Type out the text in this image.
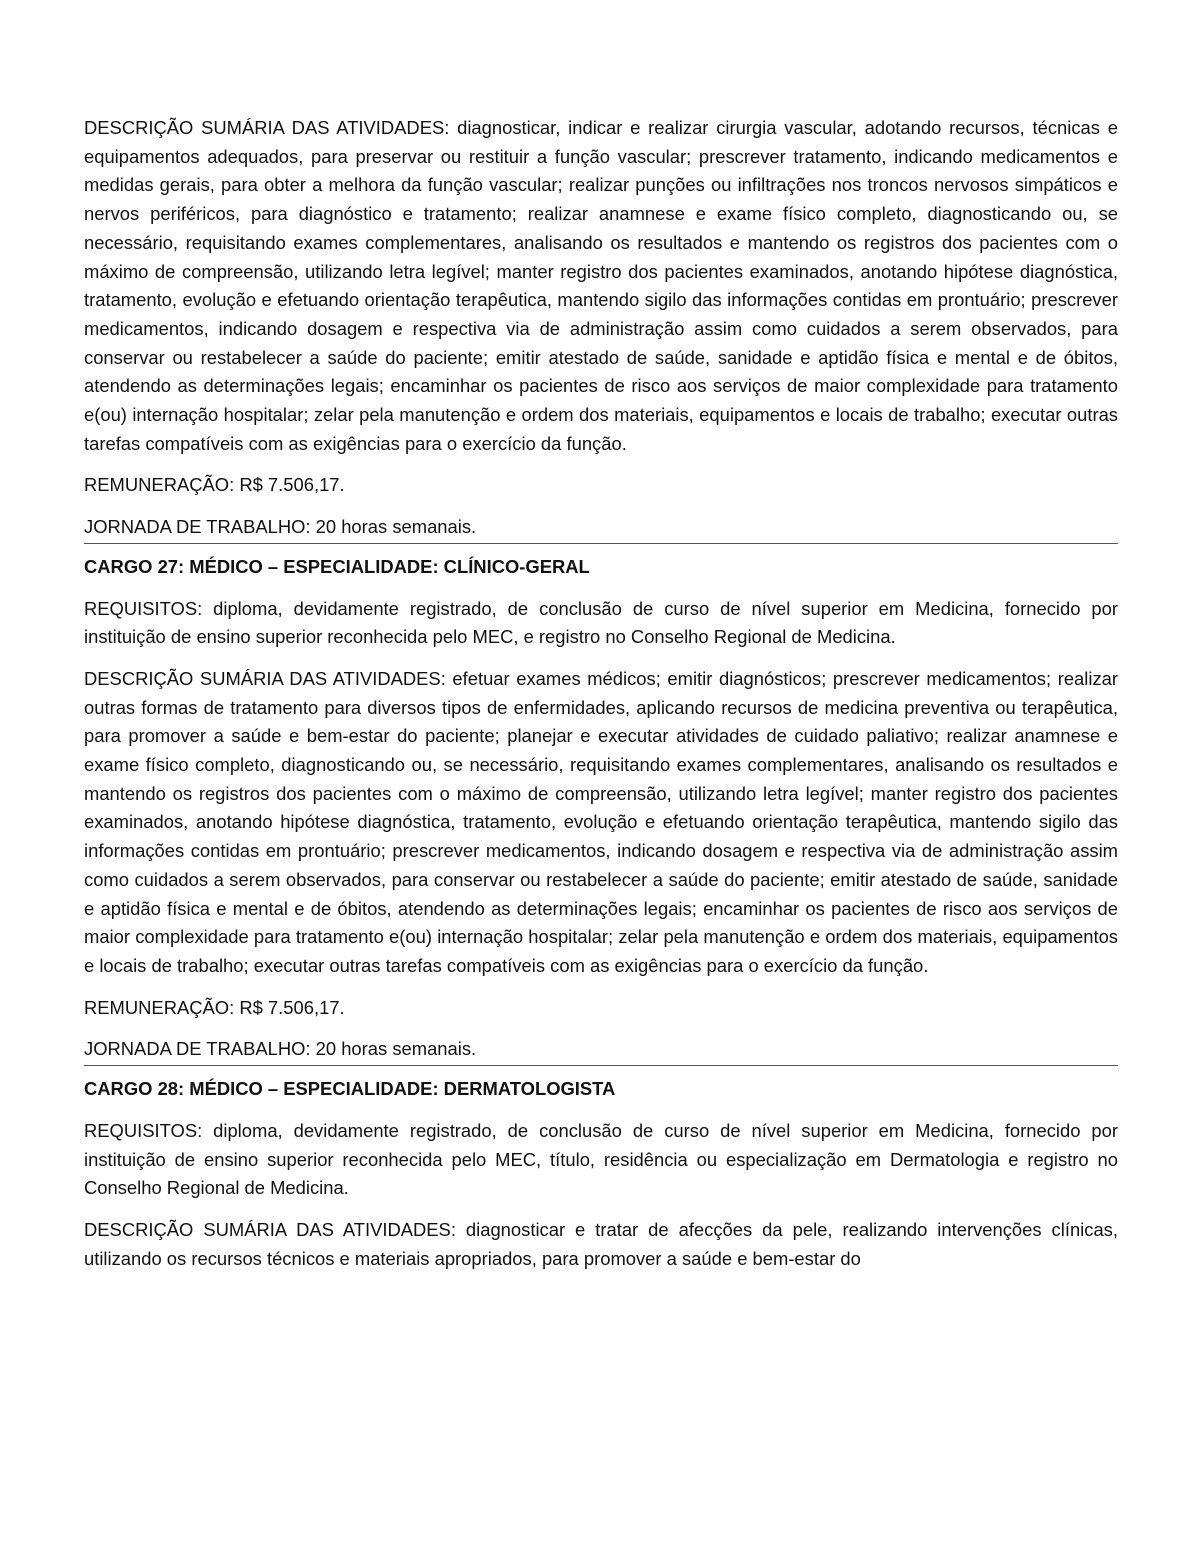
DESCRIÇÃO SUMÁRIA DAS ATIVIDADES: diagnosticar, indicar e realizar cirurgia vascular, adotando recursos, técnicas e equipamentos adequados, para preservar ou restituir a função vascular; prescrever tratamento, indicando medicamentos e medidas gerais, para obter a melhora da função vascular; realizar punções ou infiltrações nos troncos nervosos simpáticos e nervos periféricos, para diagnóstico e tratamento; realizar anamnese e exame físico completo, diagnosticando ou, se necessário, requisitando exames complementares, analisando os resultados e mantendo os registros dos pacientes com o máximo de compreensão, utilizando letra legível; manter registro dos pacientes examinados, anotando hipótese diagnóstica, tratamento, evolução e efetuando orientação terapêutica, mantendo sigilo das informações contidas em prontuário; prescrever medicamentos, indicando dosagem e respectiva via de administração assim como cuidados a serem observados, para conservar ou restabelecer a saúde do paciente; emitir atestado de saúde, sanidade e aptidão física e mental e de óbitos, atendendo as determinações legais; encaminhar os pacientes de risco aos serviços de maior complexidade para tratamento e(ou) internação hospitalar; zelar pela manutenção e ordem dos materiais, equipamentos e locais de trabalho; executar outras tarefas compatíveis com as exigências para o exercício da função.

REMUNERAÇÃO: R$ 7.506,17.

JORNADA DE TRABALHO: 20 horas semanais.

CARGO 27: MÉDICO – ESPECIALIDADE: CLÍNICO-GERAL

REQUISITOS: diploma, devidamente registrado, de conclusão de curso de nível superior em Medicina, fornecido por instituição de ensino superior reconhecida pelo MEC, e registro no Conselho Regional de Medicina.

DESCRIÇÃO SUMÁRIA DAS ATIVIDADES: efetuar exames médicos; emitir diagnósticos; prescrever medicamentos; realizar outras formas de tratamento para diversos tipos de enfermidades, aplicando recursos de medicina preventiva ou terapêutica, para promover a saúde e bem-estar do paciente; planejar e executar atividades de cuidado paliativo; realizar anamnese e exame físico completo, diagnosticando ou, se necessário, requisitando exames complementares, analisando os resultados e mantendo os registros dos pacientes com o máximo de compreensão, utilizando letra legível; manter registro dos pacientes examinados, anotando hipótese diagnóstica, tratamento, evolução e efetuando orientação terapêutica, mantendo sigilo das informações contidas em prontuário; prescrever medicamentos, indicando dosagem e respectiva via de administração assim como cuidados a serem observados, para conservar ou restabelecer a saúde do paciente; emitir atestado de saúde, sanidade e aptidão física e mental e de óbitos, atendendo as determinações legais; encaminhar os pacientes de risco aos serviços de maior complexidade para tratamento e(ou) internação hospitalar; zelar pela manutenção e ordem dos materiais, equipamentos e locais de trabalho; executar outras tarefas compatíveis com as exigências para o exercício da função.

REMUNERAÇÃO: R$ 7.506,17.

JORNADA DE TRABALHO: 20 horas semanais.

CARGO 28: MÉDICO – ESPECIALIDADE: DERMATOLOGISTA

REQUISITOS: diploma, devidamente registrado, de conclusão de curso de nível superior em Medicina, fornecido por instituição de ensino superior reconhecida pelo MEC, título, residência ou especialização em Dermatologia e registro no Conselho Regional de Medicina.

DESCRIÇÃO SUMÁRIA DAS ATIVIDADES: diagnosticar e tratar de afecções da pele, realizando intervenções clínicas, utilizando os recursos técnicos e materiais apropriados, para promover a saúde e bem-estar do
